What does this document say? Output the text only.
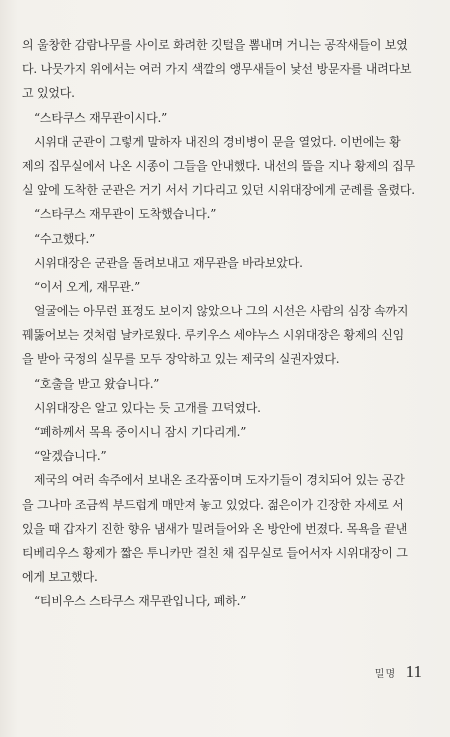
의 울창한 감람나무를 사이로 화려한 깃털을 뽐내며 거니는 공작새들이 보였
다. 나뭇가지 위에서는 여러 가지 색깔의 앵무새들이 낯선 방문자를 내려다보
고 있었다.
“스타쿠스 재무관이시다.”
시위대 군관이 그렇게 말하자 내진의 경비병이 문을 열었다. 이번에는 황
제의 집무실에서 나온 시종이 그들을 안내했다. 내선의 뜰을 지나 황제의 집무
실 앞에 도착한 군관은 거기 서서 기다리고 있던 시위대장에게 군례를 올렸다.
“스타쿠스 재무관이 도착했습니다.”
“수고했다.”
시위대장은 군관을 돌려보내고 재무관을 바라보았다.
“이서 오게, 재무관.”
얼굴에는 아무런 표정도 보이지 않았으나 그의 시선은 사람의 심장 속까지
꿰뚫어보는 것처럼 날카로웠다. 루키우스 세야누스 시위대장은 황제의 신임
을 받아 국정의 실무를 모두 장악하고 있는 제국의 실권자였다.
“호출을 받고 왔습니다.”
시위대장은 알고 있다는 듯 고개를 끄덕였다.
“폐하께서 목욕 중이시니 잠시 기다리게.”
“알겠습니다.”
제국의 여러 속주에서 보내온 조각품이며 도자기들이 경치되어 있는 공간
을 그나마 조금씩 부드럽게 매만져 놓고 있었다. 젊은이가 긴장한 자세로 서
있을 때 갑자기 진한 향유 냄새가 밀려들어와 온 방안에 번졌다. 목욕을 끝낸
티베리우스 황제가 짧은 투니카만 걸친 채 집무실로 들어서자 시위대장이 그
에게 보고했다.
“티비우스 스타쿠스 재무관입니다, 폐하.”
밀명 11
